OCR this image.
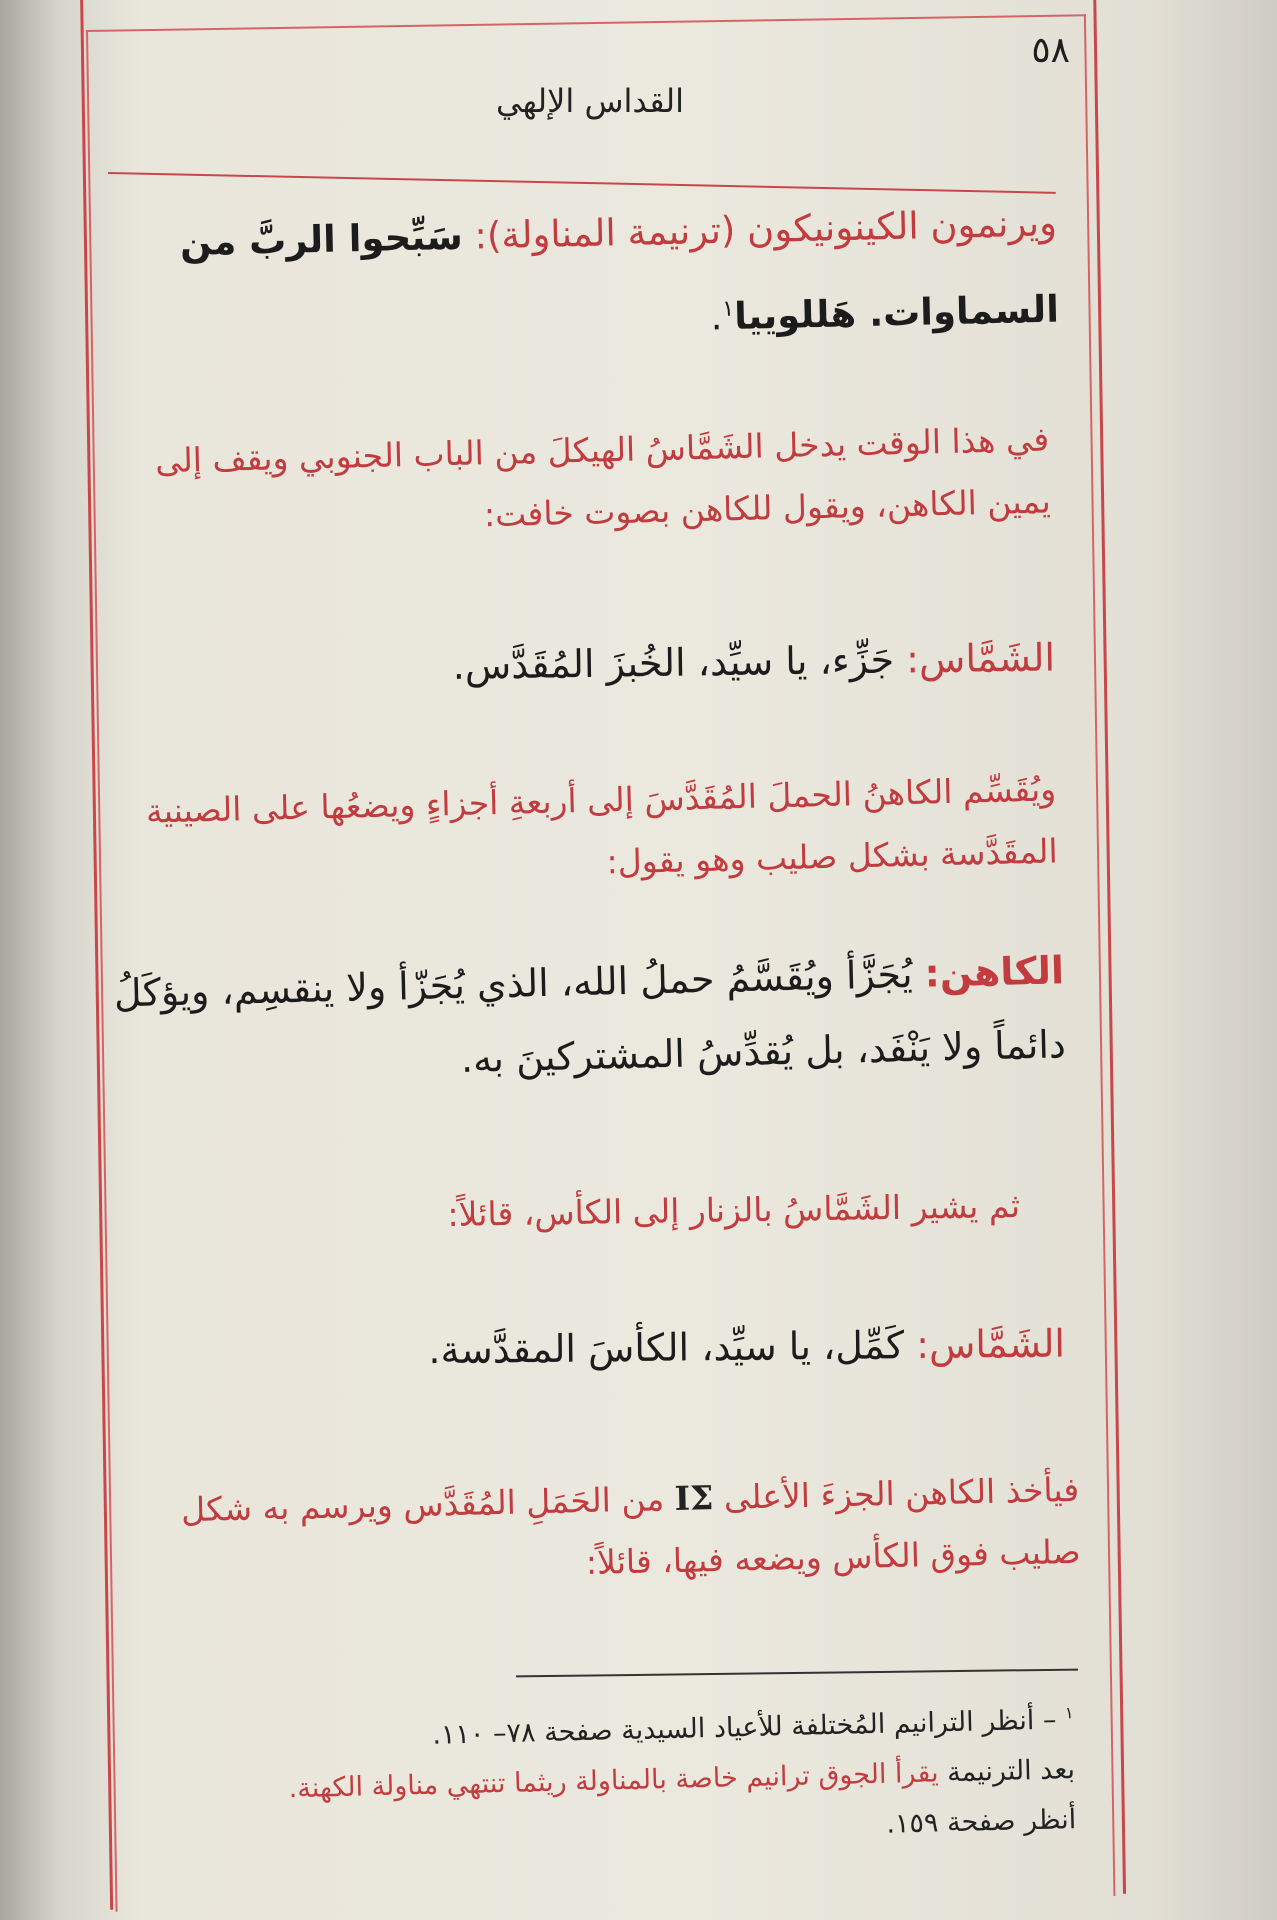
٥٨
القداس الإلهي
ويرنمون الكينونيكون (ترنيمة المناولة): سَبِّحوا الربَّ من السماوات. هَللوييا$^١$.
في هذا الوقت يدخل الشَمَّاسُ الهيكلَ من الباب الجنوبي ويقف إلى يمين الكاهن، ويقول للكاهن بصوت خافت:
الشَمَّاس: جَزِّء، يا سيِّد، الخُبزَ المُقَدَّس.
ويُقَسِّم الكاهنُ الحملَ المُقَدَّسَ إلى أربعةِ أجزاءٍ ويضعُها على الصينية المقَدَّسة بشكل صليب وهو يقول:
الكاهن: يُجَزَّأ ويُقَسَّمُ حملُ الله، الذي يُجَزّأ ولا ينقسِم، ويؤكَلُ دائماً ولا يَنْفَد، بل يُقدِّسُ المشتركينَ به.
ثم يشير الشَمَّاسُ بالزنار إلى الكأس، قائلاً:
الشَمَّاس: كَمِّل، يا سيِّد، الكأسَ المقدَّسة.
فيأخذ الكاهن الجزءَ الأعلى IΣ من الحَمَلِ المُقَدَّس ويرسم به شكل صليب فوق الكأس ويضعه فيها، قائلاً:
$^١$ – أنظر الترانيم المُختلفة للأعياد السيدية صفحة ٧٨– ١١٠.
بعد الترنيمة يقرأ الجوق ترانيم خاصة بالمناولة ريثما تنتهي مناولة الكهنة.
أنظر صفحة ١٥٩.
